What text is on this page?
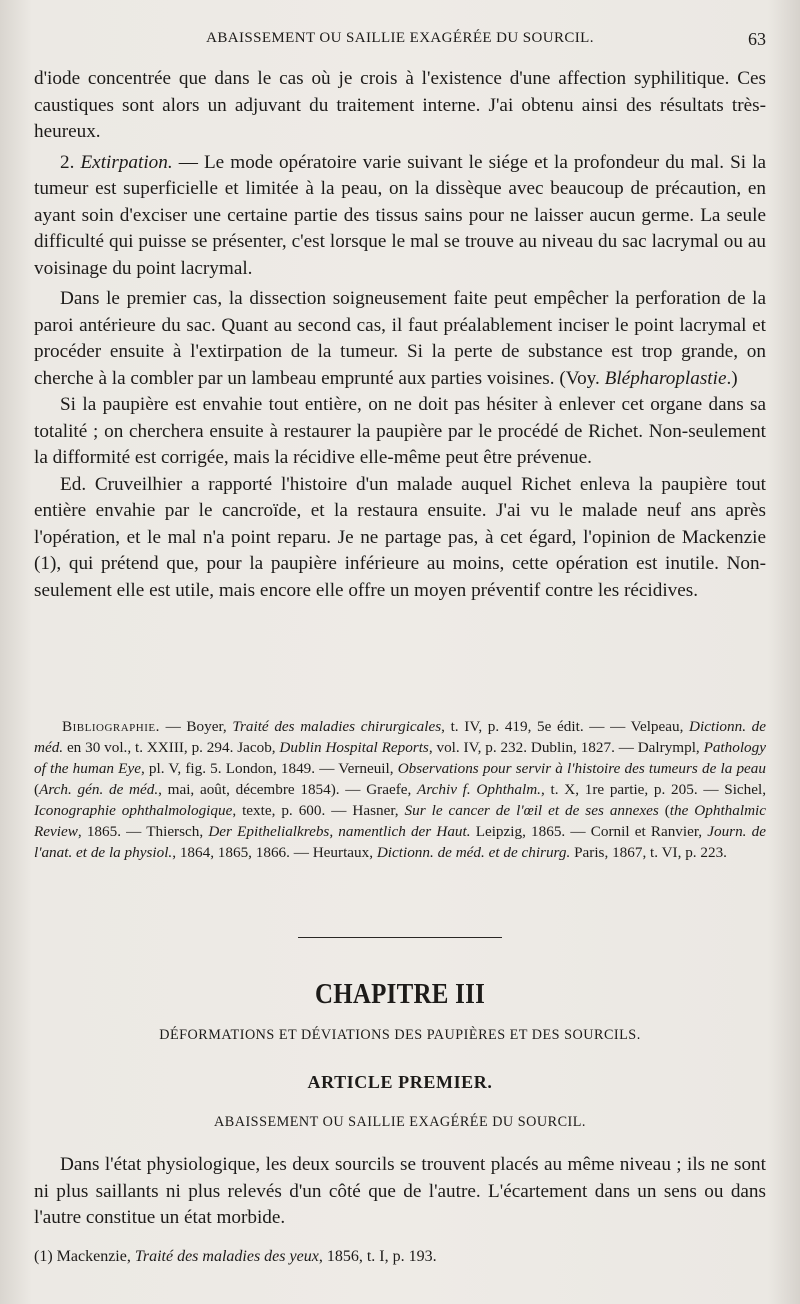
ABAISSEMENT OU SAILLIE EXAGÉRÉE DU SOURCIL.	63

d'iode concentrée que dans le cas où je crois à l'existence d'une affection syphilitique. Ces caustiques sont alors un adjuvant du traitement interne. J'ai obtenu ainsi des résultats très-heureux.

2. Extirpation. — Le mode opératoire varie suivant le siége et la profondeur du mal. Si la tumeur est superficielle et limitée à la peau, on la dissèque avec beaucoup de précaution, en ayant soin d'exciser une certaine partie des tissus sains pour ne laisser aucun germe. La seule difficulté qui puisse se présenter, c'est lorsque le mal se trouve au niveau du sac lacrymal ou au voisinage du point lacrymal.

Dans le premier cas, la dissection soigneusement faite peut empêcher la perforation de la paroi antérieure du sac. Quant au second cas, il faut préalablement inciser le point lacrymal et procéder ensuite à l'extirpation de la tumeur. Si la perte de substance est trop grande, on cherche à la combler par un lambeau emprunté aux parties voisines. (Voy. Blépharoplastie.)

Si la paupière est envahie tout entière, on ne doit pas hésiter à enlever cet organe dans sa totalité ; on cherchera ensuite à restaurer la paupière par le procédé de Richet. Non-seulement la difformité est corrigée, mais la récidive elle-même peut être prévenue.

Ed. Cruveilhier a rapporté l'histoire d'un malade auquel Richet enleva la paupière tout entière envahie par le cancroïde, et la restaura ensuite. J'ai vu le malade neuf ans après l'opération, et le mal n'a point reparu. Je ne partage pas, à cet égard, l'opinion de Mackenzie (1), qui prétend que, pour la paupière inférieure au moins, cette opération est inutile. Non-seulement elle est utile, mais encore elle offre un moyen préventif contre les récidives.

Bibliographie. — Boyer, Traité des maladies chirurgicales, t. IV, p. 419, 5e édit. — — Velpeau, Dictionn. de méd. en 30 vol., t. XXIII, p. 294. Jacob, Dublin Hospital Reports, vol. IV, p. 232. Dublin, 1827. — Dalrympl, Pathology of the human Eye, pl. V, fig. 5. London, 1849. — Verneuil, Observations pour servir à l'histoire des tumeurs de la peau (Arch. gén. de méd., mai, août, décembre 1854). — Graefe, Archiv f. Ophthalm., t. X, 1re partie, p. 205. — Sichel, Iconographie ophthalmologique, texte, p. 600. — Hasner, Sur le cancer de l'œil et de ses annexes (the Ophthalmic Review, 1865. — Thiersch, Der Epithelialkrebs, namentlich der Haut. Leipzig, 1865. — Cornil et Ranvier, Journ. de l'anat. et de la physiol., 1864, 1865, 1866. — Heurtaux, Dictionn. de méd. et de chirurg. Paris, 1867, t. VI, p. 223.
CHAPITRE III
DÉFORMATIONS ET DÉVIATIONS DES PAUPIÈRES ET DES SOURCILS.
ARTICLE PREMIER.
ABAISSEMENT OU SAILLIE EXAGÉRÉE DU SOURCIL.

Dans l'état physiologique, les deux sourcils se trouvent placés au même niveau ; ils ne sont ni plus saillants ni plus relevés d'un côté que de l'autre. L'écartement dans un sens ou dans l'autre constitue un état morbide.

(1) Mackenzie, Traité des maladies des yeux, 1856, t. I, p. 193.
